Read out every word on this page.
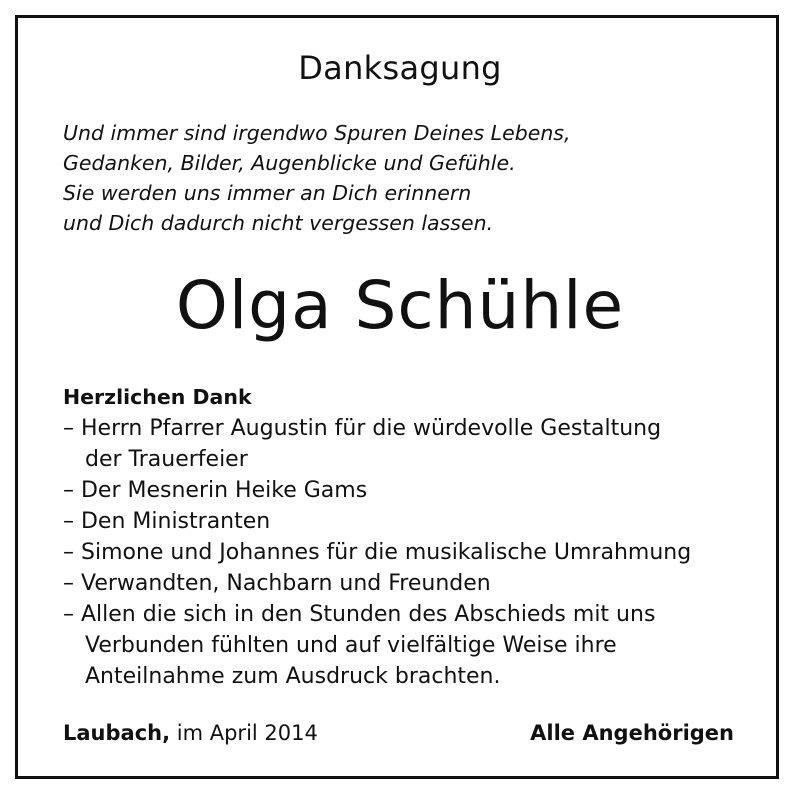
Danksagung
Und immer sind irgendwo Spuren Deines Lebens,
Gedanken, Bilder, Augenblicke und Gefühle.
Sie werden uns immer an Dich erinnern
und Dich dadurch nicht vergessen lassen.
Olga Schühle
Herzlichen Dank
– Herrn Pfarrer Augustin für die würdevolle Gestaltung
der Trauerfeier
– Der Mesnerin Heike Gams
– Den Ministranten
– Simone und Johannes für die musikalische Umrahmung
– Verwandten, Nachbarn und Freunden
– Allen die sich in den Stunden des Abschieds mit uns
Verbunden fühlten und auf vielfältige Weise ihre
Anteilnahme zum Ausdruck brachten.
Laubach, im April 2014	Alle Angehörigen
